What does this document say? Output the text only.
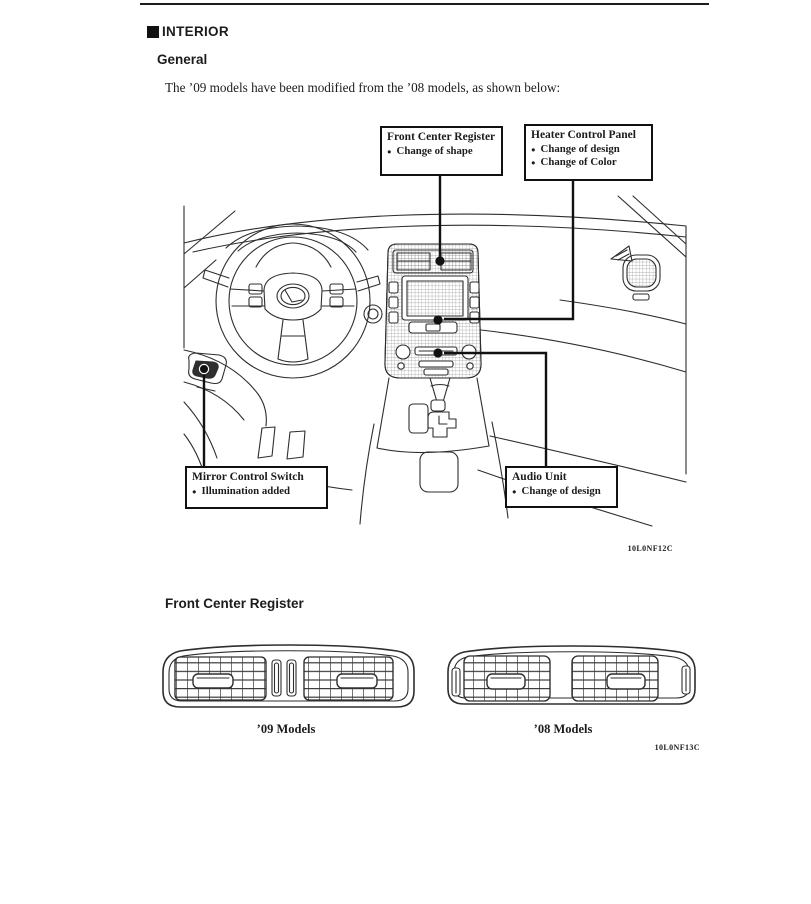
INTERIOR
General
The ’09 models have been modified from the ’08 models, as shown below:
Front Center Register
● Change of shape
Heater Control Panel
● Change of design
● Change of Color
Mirror Control Switch
● Illumination added
Audio Unit
● Change of design
10L0NF12C
Front Center Register
’09 Models	’08 Models
10L0NF13C
